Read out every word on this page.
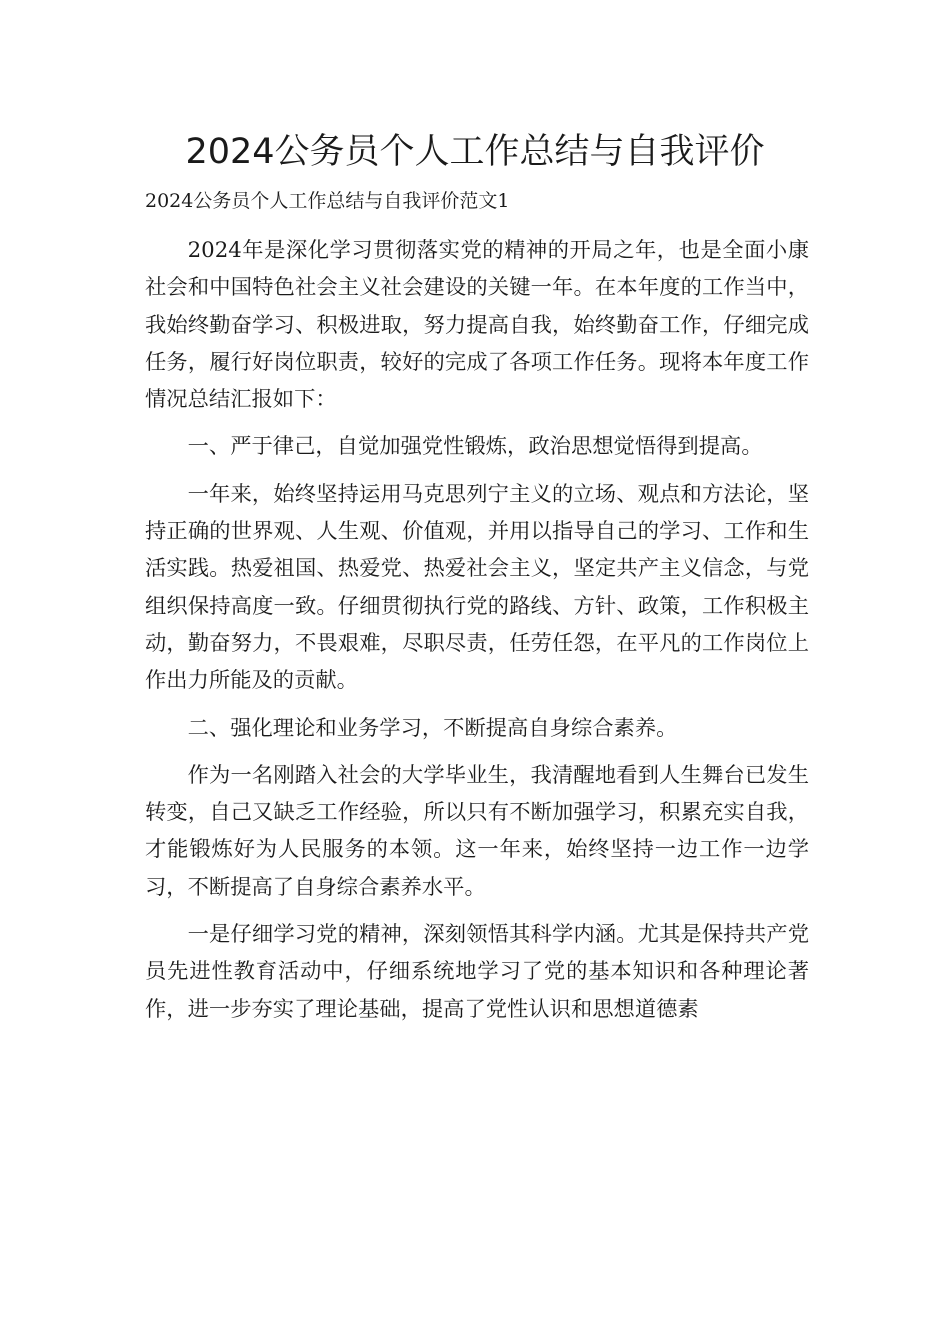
2024公务员个人工作总结与自我评价
2024公务员个人工作总结与自我评价范文1

2024年是深化学习贯彻落实党的精神的开局之年，也是全面小康社会和中国特色社会主义社会建设的关键一年。在本年度的工作当中，我始终勤奋学习、积极进取，努力提高自我，始终勤奋工作，仔细完成任务，履行好岗位职责，较好的完成了各项工作任务。现将本年度工作情况总结汇报如下：

一、严于律己，自觉加强党性锻炼，政治思想觉悟得到提高。

一年来，始终坚持运用马克思列宁主义的立场、观点和方法论，坚持正确的世界观、人生观、价值观，并用以指导自己的学习、工作和生活实践。热爱祖国、热爱党、热爱社会主义，坚定共产主义信念，与党组织保持高度一致。仔细贯彻执行党的路线、方针、政策，工作积极主动，勤奋努力，不畏艰难，尽职尽责，任劳任怨，在平凡的工作岗位上作出力所能及的贡献。

二、强化理论和业务学习，不断提高自身综合素养。

作为一名刚踏入社会的大学毕业生，我清醒地看到人生舞台已发生转变，自己又缺乏工作经验，所以只有不断加强学习，积累充实自我，才能锻炼好为人民服务的本领。这一年来，始终坚持一边工作一边学习，不断提高了自身综合素养水平。

一是仔细学习党的精神，深刻领悟其科学内涵。尤其是保持共产党员先进性教育活动中，仔细系统地学习了党的基本知识和各种理论著作，进一步夯实了理论基础，提高了党性认识和思想道德素
